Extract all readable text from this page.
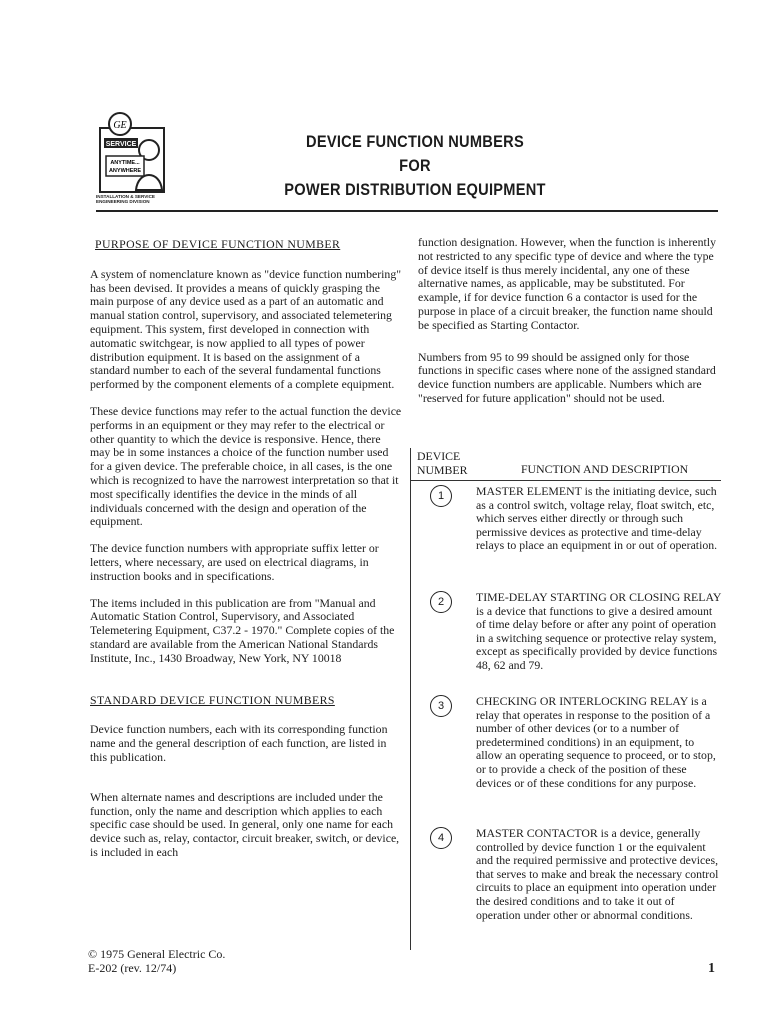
GE
SERVICE
ANYTIME...
ANYWHERE
INSTALLATION & SERVICE ENGINEERING DIVISION
DEVICE FUNCTION NUMBERS
FOR
POWER DISTRIBUTION EQUIPMENT
PURPOSE OF DEVICE FUNCTION NUMBER
A system of nomenclature known as "device function numbering" has been devised. It provides a means of quickly grasping the main purpose of any device used as a part of an automatic and manual station control, supervisory, and associated telemetering equipment. This system, first developed in connection with automatic switchgear, is now applied to all types of power distribution equipment. It is based on the assignment of a standard number to each of the several fundamental functions performed by the component elements of a complete equipment.
These device functions may refer to the actual function the device performs in an equipment or they may refer to the electrical or other quantity to which the device is responsive. Hence, there may be in some instances a choice of the function number used for a given device. The preferable choice, in all cases, is the one which is recognized to have the narrowest interpretation so that it most specifically identifies the device in the minds of all individuals concerned with the design and operation of the equipment.
The device function numbers with appropriate suffix letter or letters, where necessary, are used on electrical diagrams, in instruction books and in specifications.
The items included in this publication are from "Manual and Automatic Station Control, Supervisory, and Associated Telemetering Equipment, C37.2 - 1970." Complete copies of the standard are available from the American National Standards Institute, Inc., 1430 Broadway, New York, NY 10018
STANDARD DEVICE FUNCTION NUMBERS
Device function numbers, each with its corresponding function name and the general description of each function, are listed in this publication.
When alternate names and descriptions are included under the function, only the name and description which applies to each specific case should be used. In general, only one name for each device such as, relay, contactor, circuit breaker, switch, or device, is included in each
function designation. However, when the function is inherently not restricted to any specific type of device and where the type of device itself is thus merely incidental, any one of these alternative names, as applicable, may be substituted. For example, if for device function 6 a contactor is used for the purpose in place of a circuit breaker, the function name should be specified as Starting Contactor.
Numbers from 95 to 99 should be assigned only for those functions in specific cases where none of the assigned standard device function numbers are applicable. Numbers which are "reserved for future application" should not be used.
DEVICE NUMBER	FUNCTION AND DESCRIPTION
1	MASTER ELEMENT is the initiating device, such as a control switch, voltage relay, float switch, etc, which serves either directly or through such permissive devices as protective and time-delay relays to place an equipment in or out of operation.
2	TIME-DELAY STARTING OR CLOSING RELAY is a device that functions to give a desired amount of time delay before or after any point of operation in a switching sequence or protective relay system, except as specifically provided by device functions 48, 62 and 79.
3	CHECKING OR INTERLOCKING RELAY is a relay that operates in response to the position of a number of other devices (or to a number of predetermined conditions) in an equipment, to allow an operating sequence to proceed, or to stop, or to provide a check of the position of these devices or of these conditions for any purpose.
4	MASTER CONTACTOR is a device, generally controlled by device function 1 or the equivalent and the required permissive and protective devices, that serves to make and break the necessary control circuits to place an equipment into operation under the desired conditions and to take it out of operation under other or abnormal conditions.
© 1975 General Electric Co.
E-202 (rev. 12/74)	1
